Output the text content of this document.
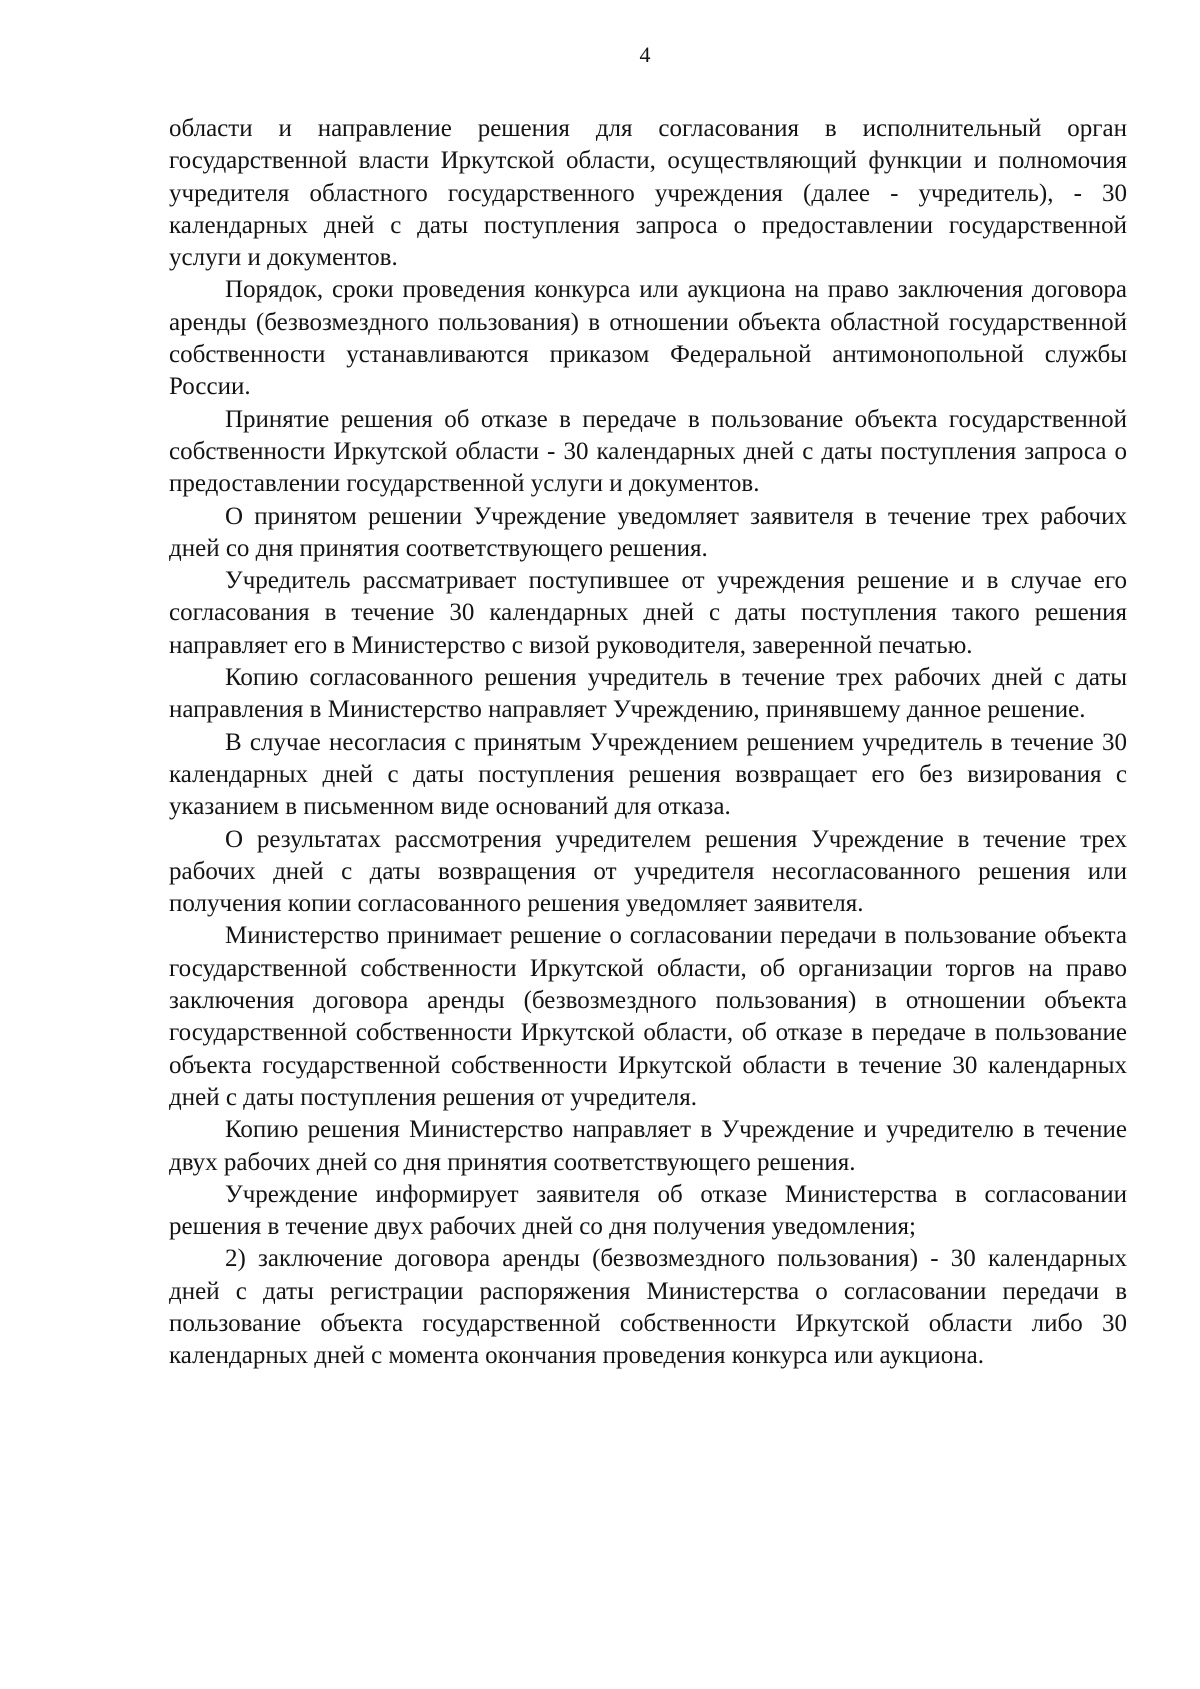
4

области и направление решения для согласования в исполнительный орган государственной власти Иркутской области, осуществляющий функции и полномочия учредителя областного государственного учреждения (далее - учредитель), - 30 календарных дней с даты поступления запроса о предоставлении государственной услуги и документов.

Порядок, сроки проведения конкурса или аукциона на право заключения договора аренды (безвозмездного пользования) в отношении объекта областной государственной собственности устанавливаются приказом Федеральной антимонопольной службы России.

Принятие решения об отказе в передаче в пользование объекта государственной собственности Иркутской области - 30 календарных дней с даты поступления запроса о предоставлении государственной услуги и документов.

О принятом решении Учреждение уведомляет заявителя в течение трех рабочих дней со дня принятия соответствующего решения.

Учредитель рассматривает поступившее от учреждения решение и в случае его согласования в течение 30 календарных дней с даты поступления такого решения направляет его в Министерство с визой руководителя, заверенной печатью.

Копию согласованного решения учредитель в течение трех рабочих дней с даты направления в Министерство направляет Учреждению, принявшему данное решение.

В случае несогласия с принятым Учреждением решением учредитель в течение 30 календарных дней с даты поступления решения возвращает его без визирования с указанием в письменном виде оснований для отказа.

О результатах рассмотрения учредителем решения Учреждение в течение трех рабочих дней с даты возвращения от учредителя несогласованного решения или получения копии согласованного решения уведомляет заявителя.

Министерство принимает решение о согласовании передачи в пользование объекта государственной собственности Иркутской области, об организации торгов на право заключения договора аренды (безвозмездного пользования) в отношении объекта государственной собственности Иркутской области, об отказе в передаче в пользование объекта государственной собственности Иркутской области в течение 30 календарных дней с даты поступления решения от учредителя.

Копию решения Министерство направляет в Учреждение и учредителю в течение двух рабочих дней со дня принятия соответствующего решения.

Учреждение информирует заявителя об отказе Министерства в согласовании решения в течение двух рабочих дней со дня получения уведомления;

2) заключение договора аренды (безвозмездного пользования) - 30 календарных дней с даты регистрации распоряжения Министерства о согласовании передачи в пользование объекта государственной собственности Иркутской области либо 30 календарных дней с момента окончания проведения конкурса или аукциона.
